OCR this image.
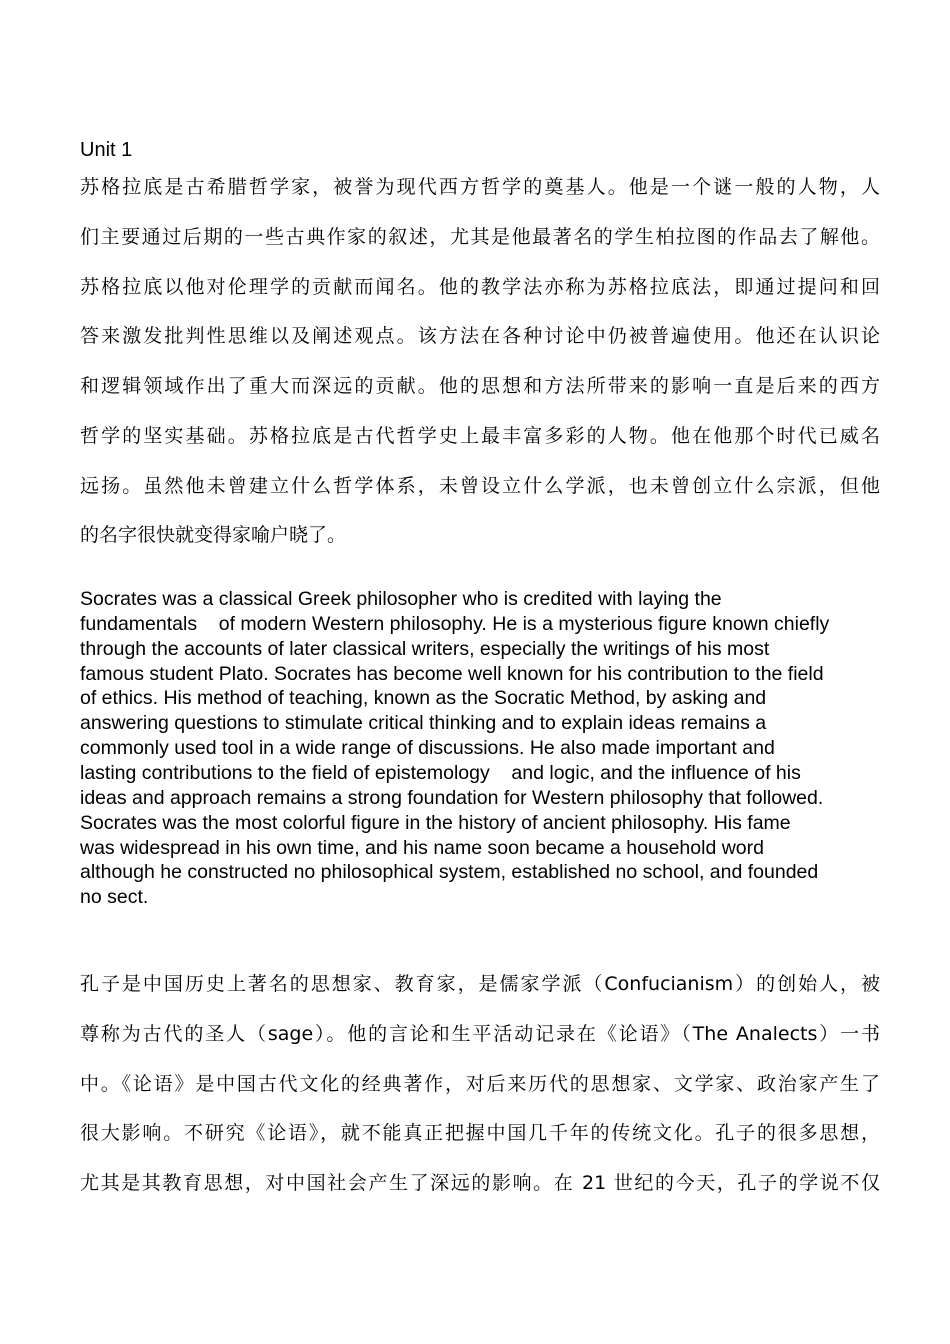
Unit 1
苏格拉底是古希腊哲学家，被誉为现代西方哲学的奠基人。他是一个谜一般的人物，人
们主要通过后期的一些古典作家的叙述，尤其是他最著名的学生柏拉图的作品去了解他。
苏格拉底以他对伦理学的贡献而闻名。他的教学法亦称为苏格拉底法，即通过提问和回
答来激发批判性思维以及阐述观点。该方法在各种讨论中仍被普遍使用。他还在认识论
和逻辑领域作出了重大而深远的贡献。他的思想和方法所带来的影响一直是后来的西方
哲学的坚实基础。苏格拉底是古代哲学史上最丰富多彩的人物。他在他那个时代已威名
远扬。虽然他未曾建立什么哲学体系，未曾设立什么学派，也未曾创立什么宗派，但他
的名字很快就变得家喻户晓了。
Socrates was a classical Greek philosopher who is credited with laying the
fundamentals    of modern Western philosophy. He is a mysterious figure known chiefly
through the accounts of later classical writers, especially the writings of his most
famous student Plato. Socrates has become well known for his contribution to the field
of ethics. His method of teaching, known as the Socratic Method, by asking and
answering questions to stimulate critical thinking and to explain ideas remains a
commonly used tool in a wide range of discussions. He also made important and
lasting contributions to the field of epistemology    and logic, and the influence of his
ideas and approach remains a strong foundation for Western philosophy that followed.
Socrates was the most colorful figure in the history of ancient philosophy. His fame
was widespread in his own time, and his name soon became a household word
although he constructed no philosophical system, established no school, and founded
no sect.
孔子是中国历史上著名的思想家、教育家，是儒家学派（Confucianism）的创始人，被
尊称为古代的圣人（sage）。他的言论和生平活动记录在《论语》（The Analects）一书
中。《论语》是中国古代文化的经典著作，对后来历代的思想家、文学家、政治家产生了
很大影响。不研究《论语》，就不能真正把握中国几千年的传统文化。孔子的很多思想，
尤其是其教育思想，对中国社会产生了深远的影响。在 21 世纪的今天，孔子的学说不仅
